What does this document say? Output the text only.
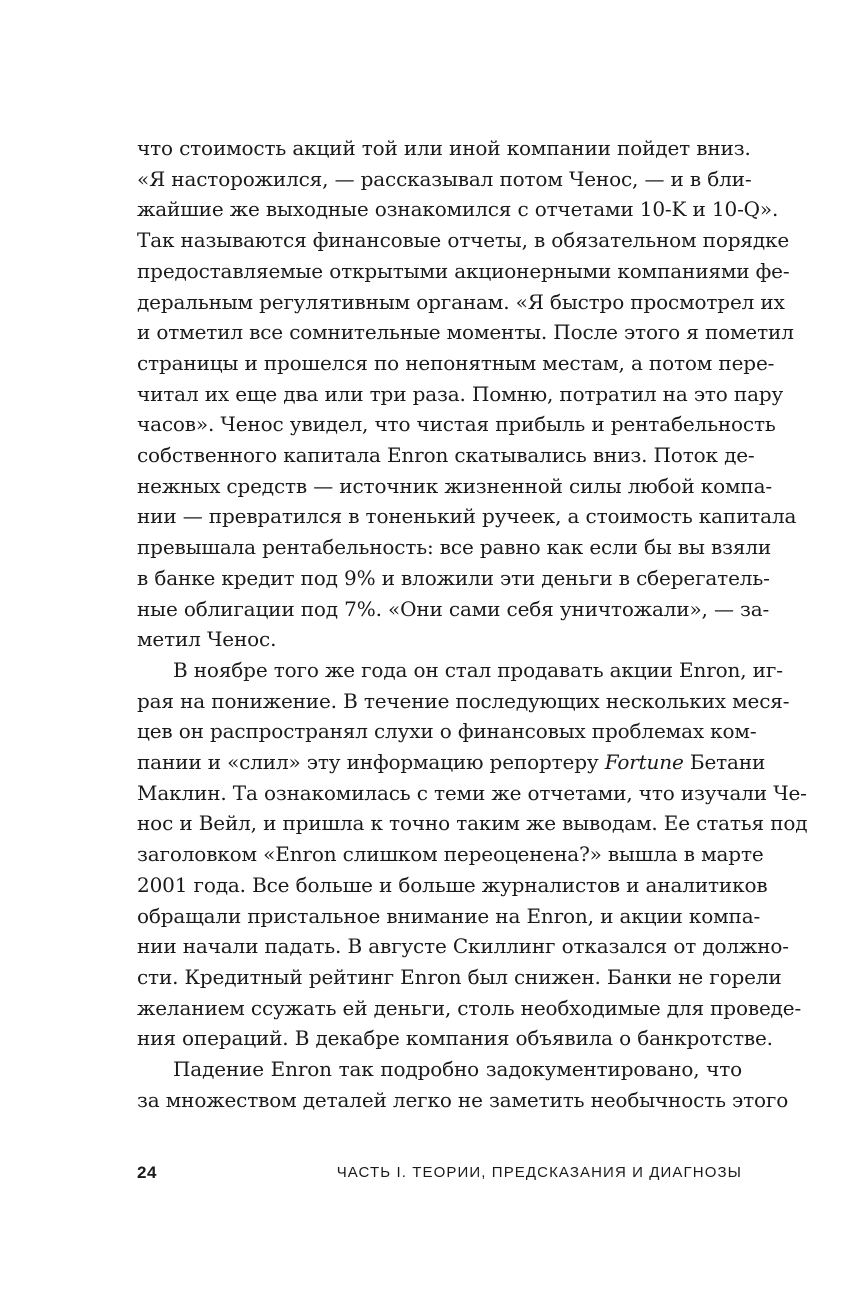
что стоимость акций той или иной компании пойдет вниз.
«Я насторожился, — рассказывал потом Ченос, — и в бли-
жайшие же выходные ознакомился с отчетами 10-K и 10-Q».
Так называются финансовые отчеты, в обязательном порядке
предоставляемые открытыми акционерными компаниями фе-
деральным регулятивным органам. «Я быстро просмотрел их
и отметил все сомнительные моменты. После этого я пометил
страницы и прошелся по непонятным местам, а потом пере-
читал их еще два или три раза. Помню, потратил на это пару
часов». Ченос увидел, что чистая прибыль и рентабельность
собственного капитала Enron скатывались вниз. Поток де-
нежных средств — источник жизненной силы любой компа-
нии — превратился в тоненький ручеек, а стоимость капитала
превышала рентабельность: все равно как если бы вы взяли
в банке кредит под 9% и вложили эти деньги в сберегатель-
ные облигации под 7%. «Они сами себя уничтожали», — за-
метил Ченос.

В ноябре того же года он стал продавать акции Enron, иг-
рая на понижение. В течение последующих нескольких меся-
цев он распространял слухи о финансовых проблемах ком-
пании и «слил» эту информацию репортеру Fortune Бетани
Маклин. Та ознакомилась с теми же отчетами, что изучали Че-
нос и Вейл, и пришла к точно таким же выводам. Ее статья под
заголовком «Enron слишком переоценена?» вышла в марте
2001 года. Все больше и больше журналистов и аналитиков
обращали пристальное внимание на Enron, и акции компа-
нии начали падать. В августе Скиллинг отказался от должно-
сти. Кредитный рейтинг Enron был снижен. Банки не горели
желанием ссужать ей деньги, столь необходимые для проведе-
ния операций. В декабре компания объявила о банкротстве.

Падение Enron так подробно задокументировано, что
за множеством деталей легко не заметить необычность этого

24	ЧАСТЬ I. ТЕОРИИ, ПРЕДСКАЗАНИЯ И ДИАГНОЗЫ
